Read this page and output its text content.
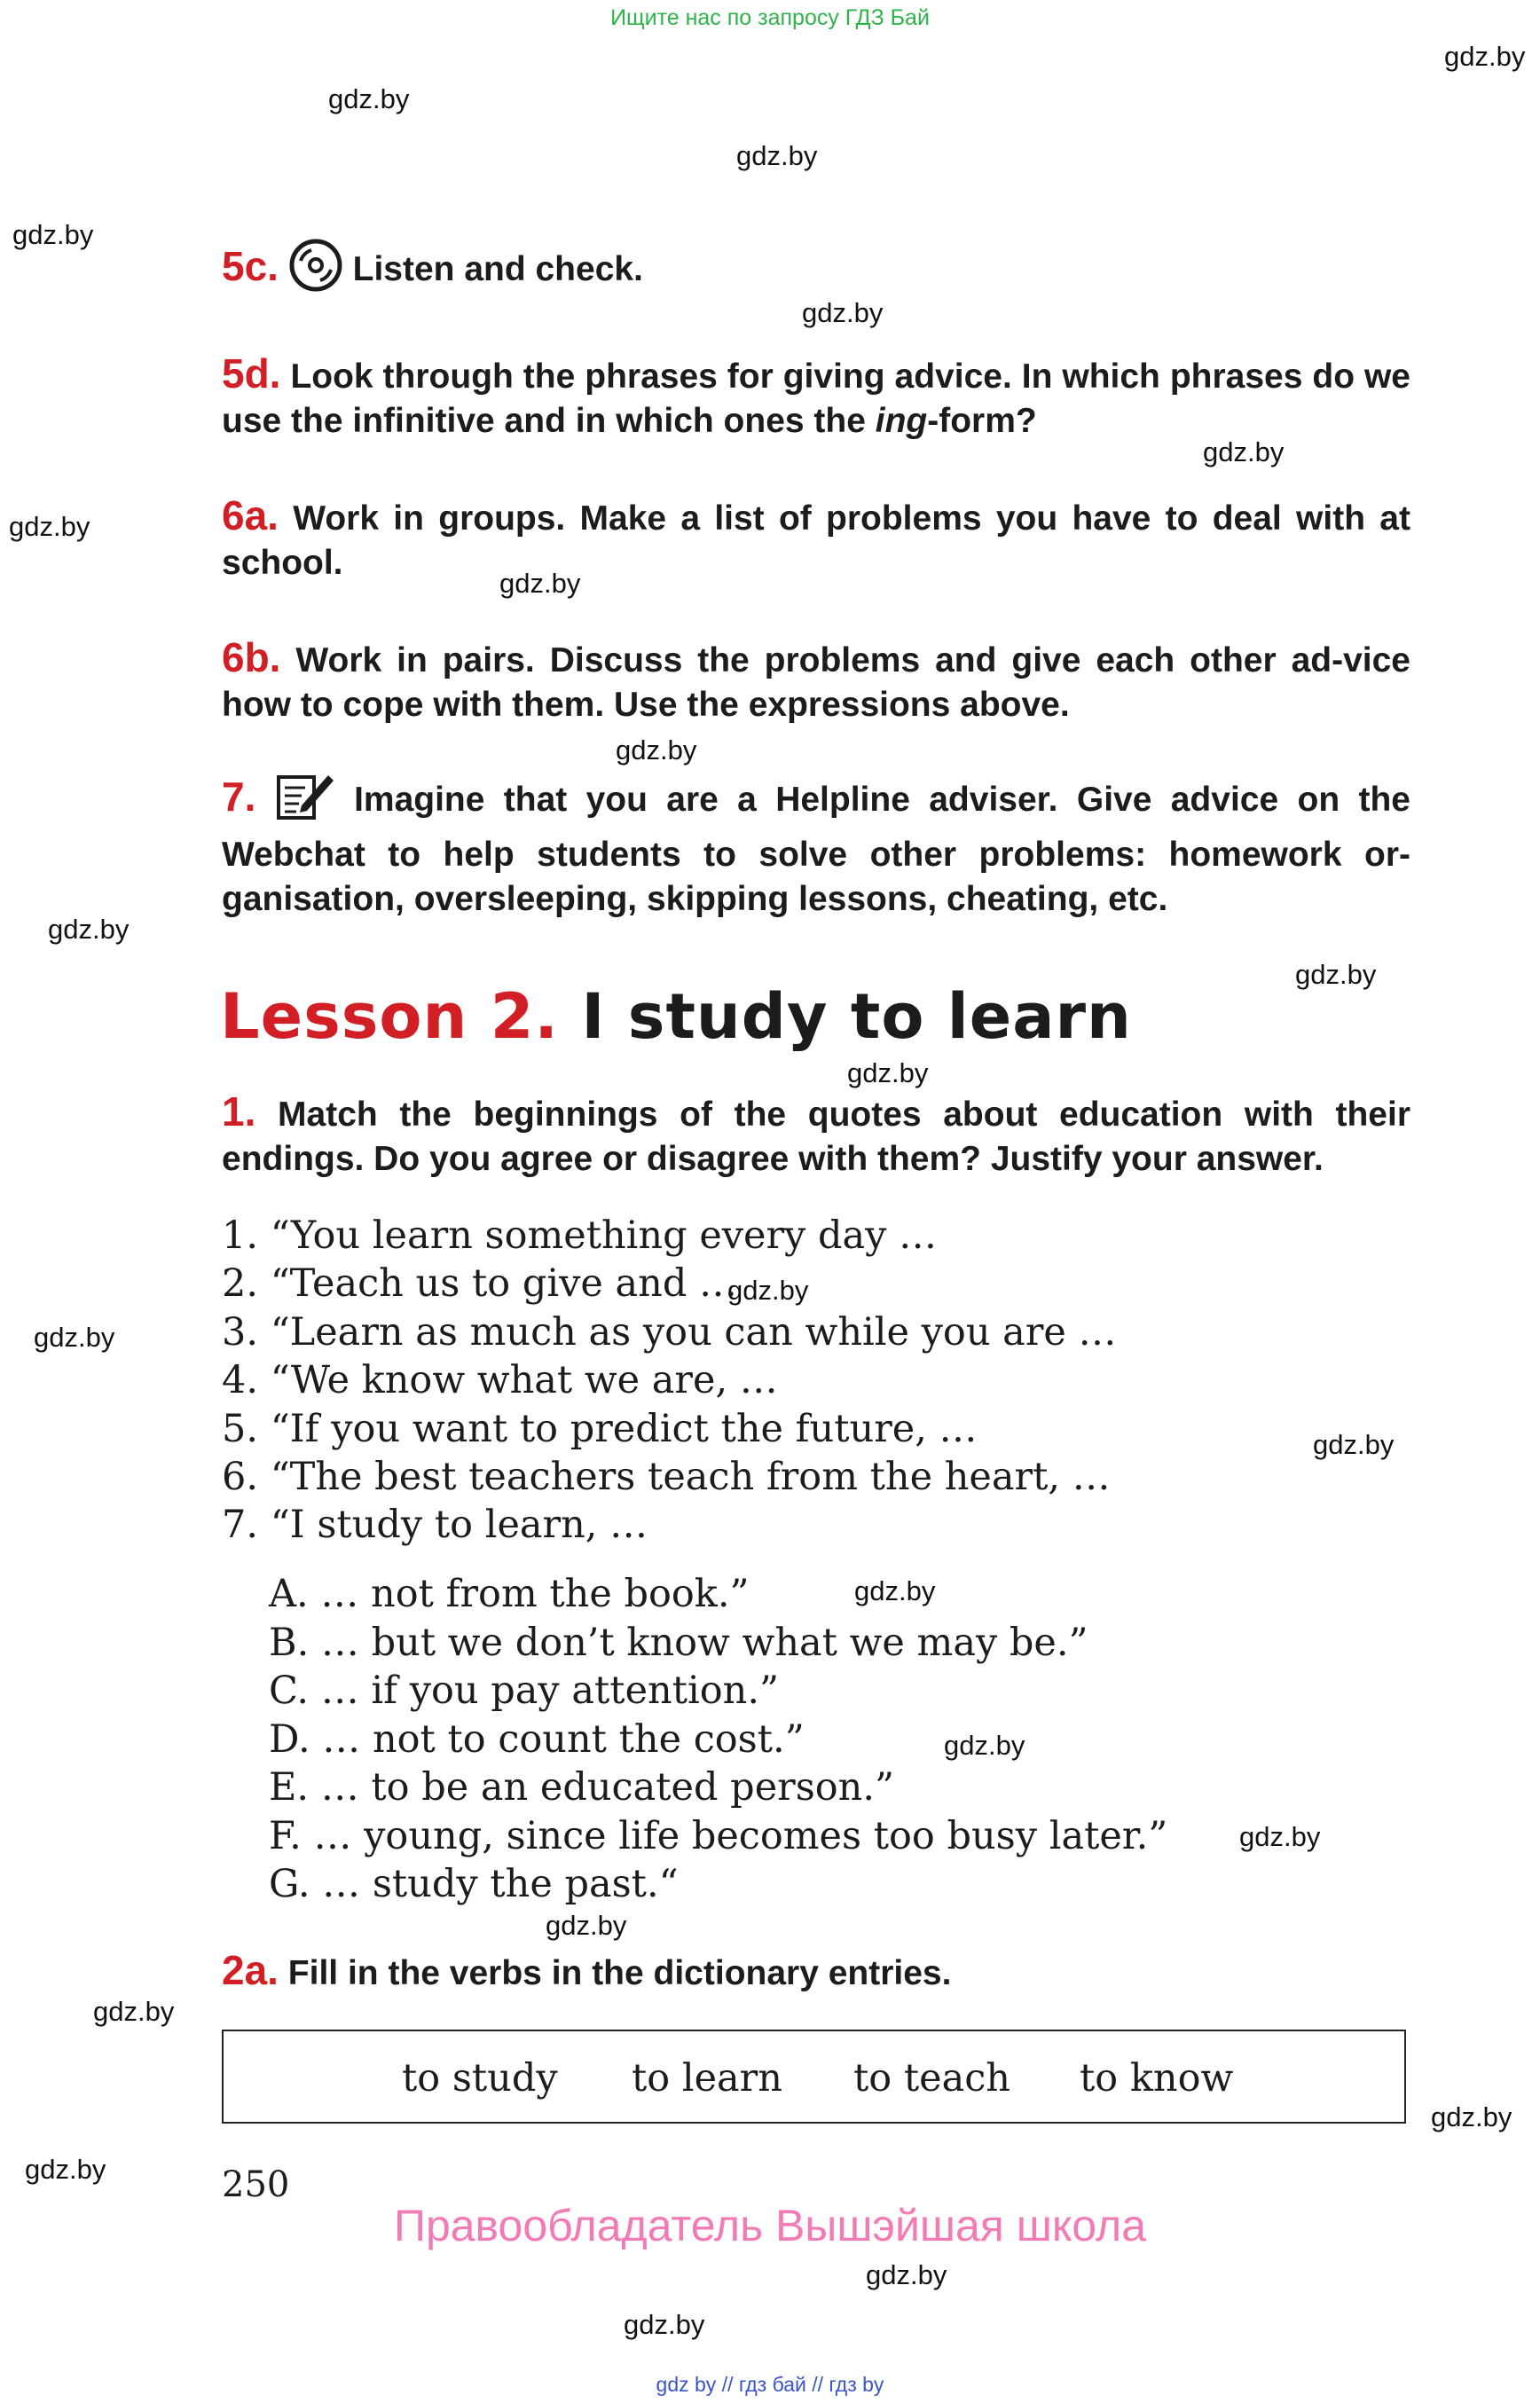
Ищите нас по запросу ГДЗ Бай
gdz.by
gdz.by
gdz.by
gdz.by
gdz.by
gdz.by
gdz.by
gdz.by
gdz.by
gdz.by
gdz.by
gdz.by
gdz.by
gdz.by
gdz.by
gdz.by
gdz.by
gdz.by
gdz.by
gdz.by
gdz.by
gdz.by
gdz.by
gdz.by
5c. Listen and check.
5d. Look through the phrases for giving advice. In which phrases do we use the infinitive and in which ones the ing-form?
6a. Work in groups. Make a list of problems you have to deal with at school.
6b. Work in pairs. Discuss the problems and give each other ad-vice how to cope with them. Use the expressions above.
7.	Imagine that you are a Helpline adviser. Give advice on the Webchat to help students to solve other problems: homework or-ganisation, oversleeping, skipping lessons, cheating, etc.
Lesson 2. I study to learn
1. Match the beginnings of the quotes about education with their endings. Do you agree or disagree with them? Justify your answer.
1. “You learn something every day …
2. “Teach us to give and …
3. “Learn as much as you can while you are …
4. “We know what we are, …
5. “If you want to predict the future, …
6. “The best teachers teach from the heart, …
7. “I study to learn, …
A. … not from the book.”
B. … but we don’t know what we may be.”
C. … if you pay attention.”
D. … not to count the cost.”
E. … to be an educated person.”
F. … young, since life becomes too busy later.”
G. … study the past.“
2a. Fill in the verbs in the dictionary entries.
to study to learn to teach to know
250
Правообладатель Вышэйшая школа
gdz by // гдз бай // гдз by
